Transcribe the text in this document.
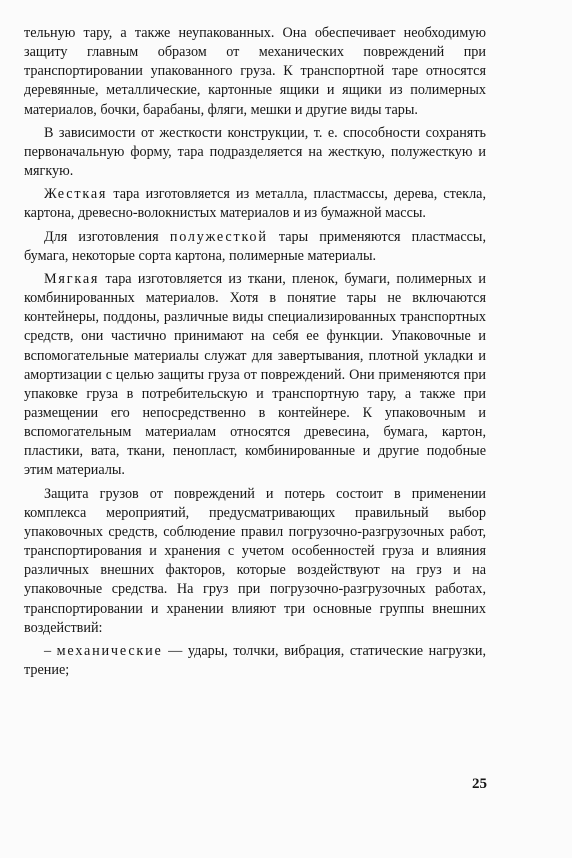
тельную тару, а также неупакованных. Она обеспечивает необходимую защиту главным образом от механических повреждений при транспортировании упакованного груза. К транспортной таре относятся деревянные, металлические, картонные ящики и ящики из полимерных материалов, бочки, барабаны, фляги, мешки и другие виды тары.

В зависимости от жесткости конструкции, т. е. способности сохранять первоначальную форму, тара подразделяется на жесткую, полужесткую и мягкую.

Жесткая тара изготовляется из металла, пластмассы, дерева, стекла, картона, древесно-волокнистых материалов и из бумажной массы.

Для изготовления полужесткой тары применяются пластмассы, бумага, некоторые сорта картона, полимерные материалы.

Мягкая тара изготовляется из ткани, пленок, бумаги, полимерных и комбинированных материалов. Хотя в понятие тары не включаются контейнеры, поддоны, различные виды специализированных транспортных средств, они частично принимают на себя ее функции. Упаковочные и вспомогательные материалы служат для завертывания, плотной укладки и амортизации с целью защиты груза от повреждений. Они применяются при упаковке груза в потребительскую и транспортную тару, а также при размещении его непосредственно в контейнере. К упаковочным и вспомогательным материалам относятся древесина, бумага, картон, пластики, вата, ткани, пенопласт, комбинированные и другие подобные этим материалы.

Защита грузов от повреждений и потерь состоит в применении комплекса мероприятий, предусматривающих правильный выбор упаковочных средств, соблюдение правил погрузочно-разгрузочных работ, транспортирования и хранения с учетом особенностей груза и влияния различных внешних факторов, которые воздействуют на груз и на упаковочные средства. На груз при погрузочно-разгрузочных работах, транспортировании и хранении влияют три основные группы внешних воздействий:

– механические — удары, толчки, вибрация, статические нагрузки, трение;

25
